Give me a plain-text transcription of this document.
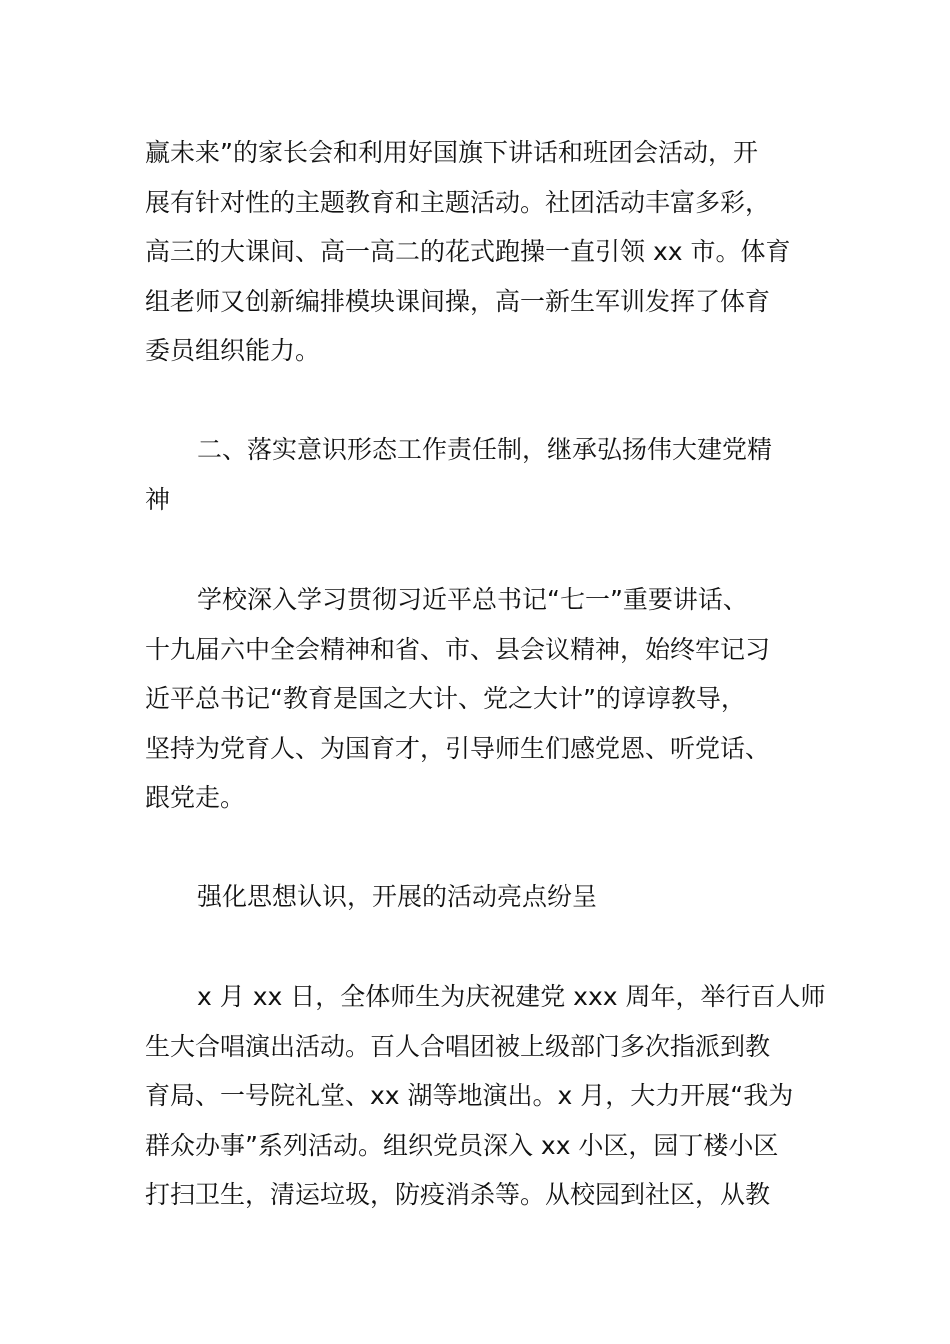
赢未来”的家长会和利用好国旗下讲话和班团会活动，开
展有针对性的主题教育和主题活动。社团活动丰富多彩，
高三的大课间、高一高二的花式跑操一直引领 xx 市。体育
组老师又创新编排模块课间操，高一新生军训发挥了体育
委员组织能力。
二、落实意识形态工作责任制，继承弘扬伟大建党精
神
学校深入学习贯彻习近平总书记“七一”重要讲话、
十九届六中全会精神和省、市、县会议精神，始终牢记习
近平总书记“教育是国之大计、党之大计”的谆谆教导，
坚持为党育人、为国育才，引导师生们感党恩、听党话、
跟党走。
强化思想认识，开展的活动亮点纷呈
x 月 xx 日，全体师生为庆祝建党 xxx 周年，举行百人师
生大合唱演出活动。百人合唱团被上级部门多次指派到教
育局、一号院礼堂、xx 湖等地演出。x 月，大力开展“我为
群众办事”系列活动。组织党员深入 xx 小区，园丁楼小区
打扫卫生，清运垃圾，防疫消杀等。从校园到社区，从教
